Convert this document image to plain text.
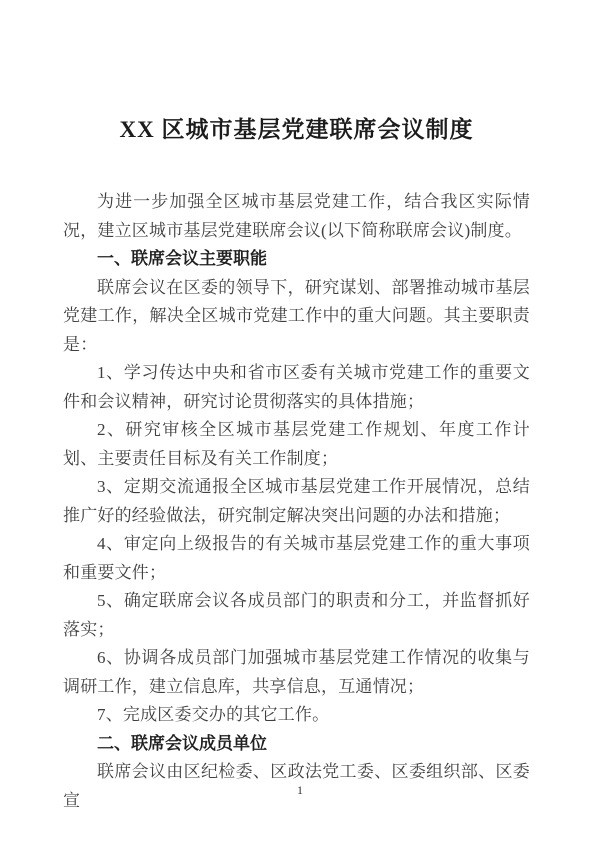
XX 区城市基层党建联席会议制度

为进一步加强全区城市基层党建工作，结合我区实际情况，建立区城市基层党建联席会议(以下简称联席会议)制度。

一、联席会议主要职能

联席会议在区委的领导下，研究谋划、部署推动城市基层党建工作，解决全区城市党建工作中的重大问题。其主要职责是：

1、学习传达中央和省市区委有关城市党建工作的重要文件和会议精神，研究讨论贯彻落实的具体措施；

2、研究审核全区城市基层党建工作规划、年度工作计划、主要责任目标及有关工作制度；

3、定期交流通报全区城市基层党建工作开展情况，总结推广好的经验做法，研究制定解决突出问题的办法和措施；

4、审定向上级报告的有关城市基层党建工作的重大事项和重要文件；

5、确定联席会议各成员部门的职责和分工，并监督抓好落实；

6、协调各成员部门加强城市基层党建工作情况的收集与调研工作，建立信息库，共享信息，互通情况；

7、完成区委交办的其它工作。

二、联席会议成员单位

联席会议由区纪检委、区政法党工委、区委组织部、区委宣

1
